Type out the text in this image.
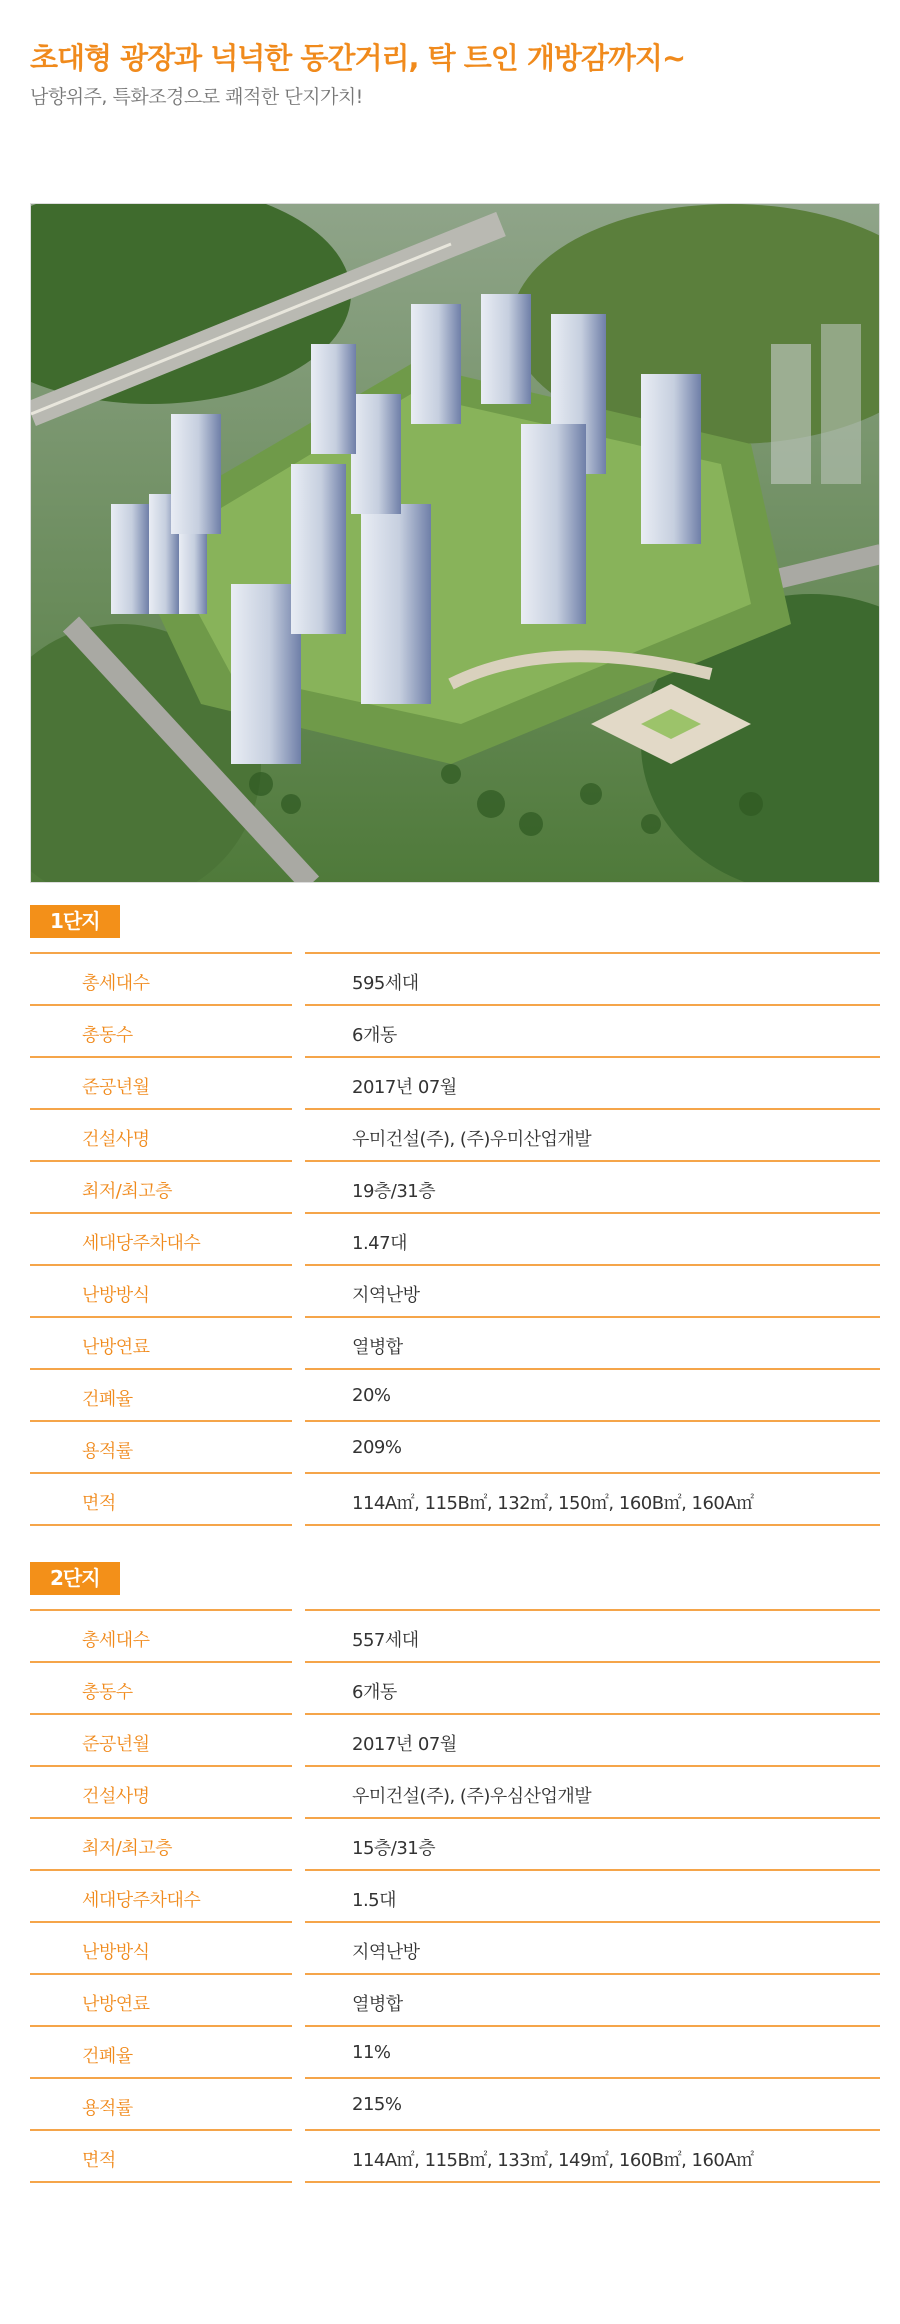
초대형 광장과 넉넉한 동간거리, 탁 트인 개방감까지~
남향위주, 특화조경으로 쾌적한 단지가치!
1단지
총세대수	595세대
총동수	6개동
준공년월	2017년 07월
건설사명	우미건설(주), (주)우미산업개발
최저/최고층	19층/31층
세대당주차대수	1.47대
난방방식	지역난방
난방연료	열병합
건폐율	20%
용적률	209%
면적	114A㎡, 115B㎡, 132㎡, 150㎡, 160B㎡, 160A㎡
2단지
총세대수	557세대
총동수	6개동
준공년월	2017년 07월
건설사명	우미건설(주), (주)우심산업개발
최저/최고층	15층/31층
세대당주차대수	1.5대
난방방식	지역난방
난방연료	열병합
건폐율	11%
용적률	215%
면적	114A㎡, 115B㎡, 133㎡, 149㎡, 160B㎡, 160A㎡
